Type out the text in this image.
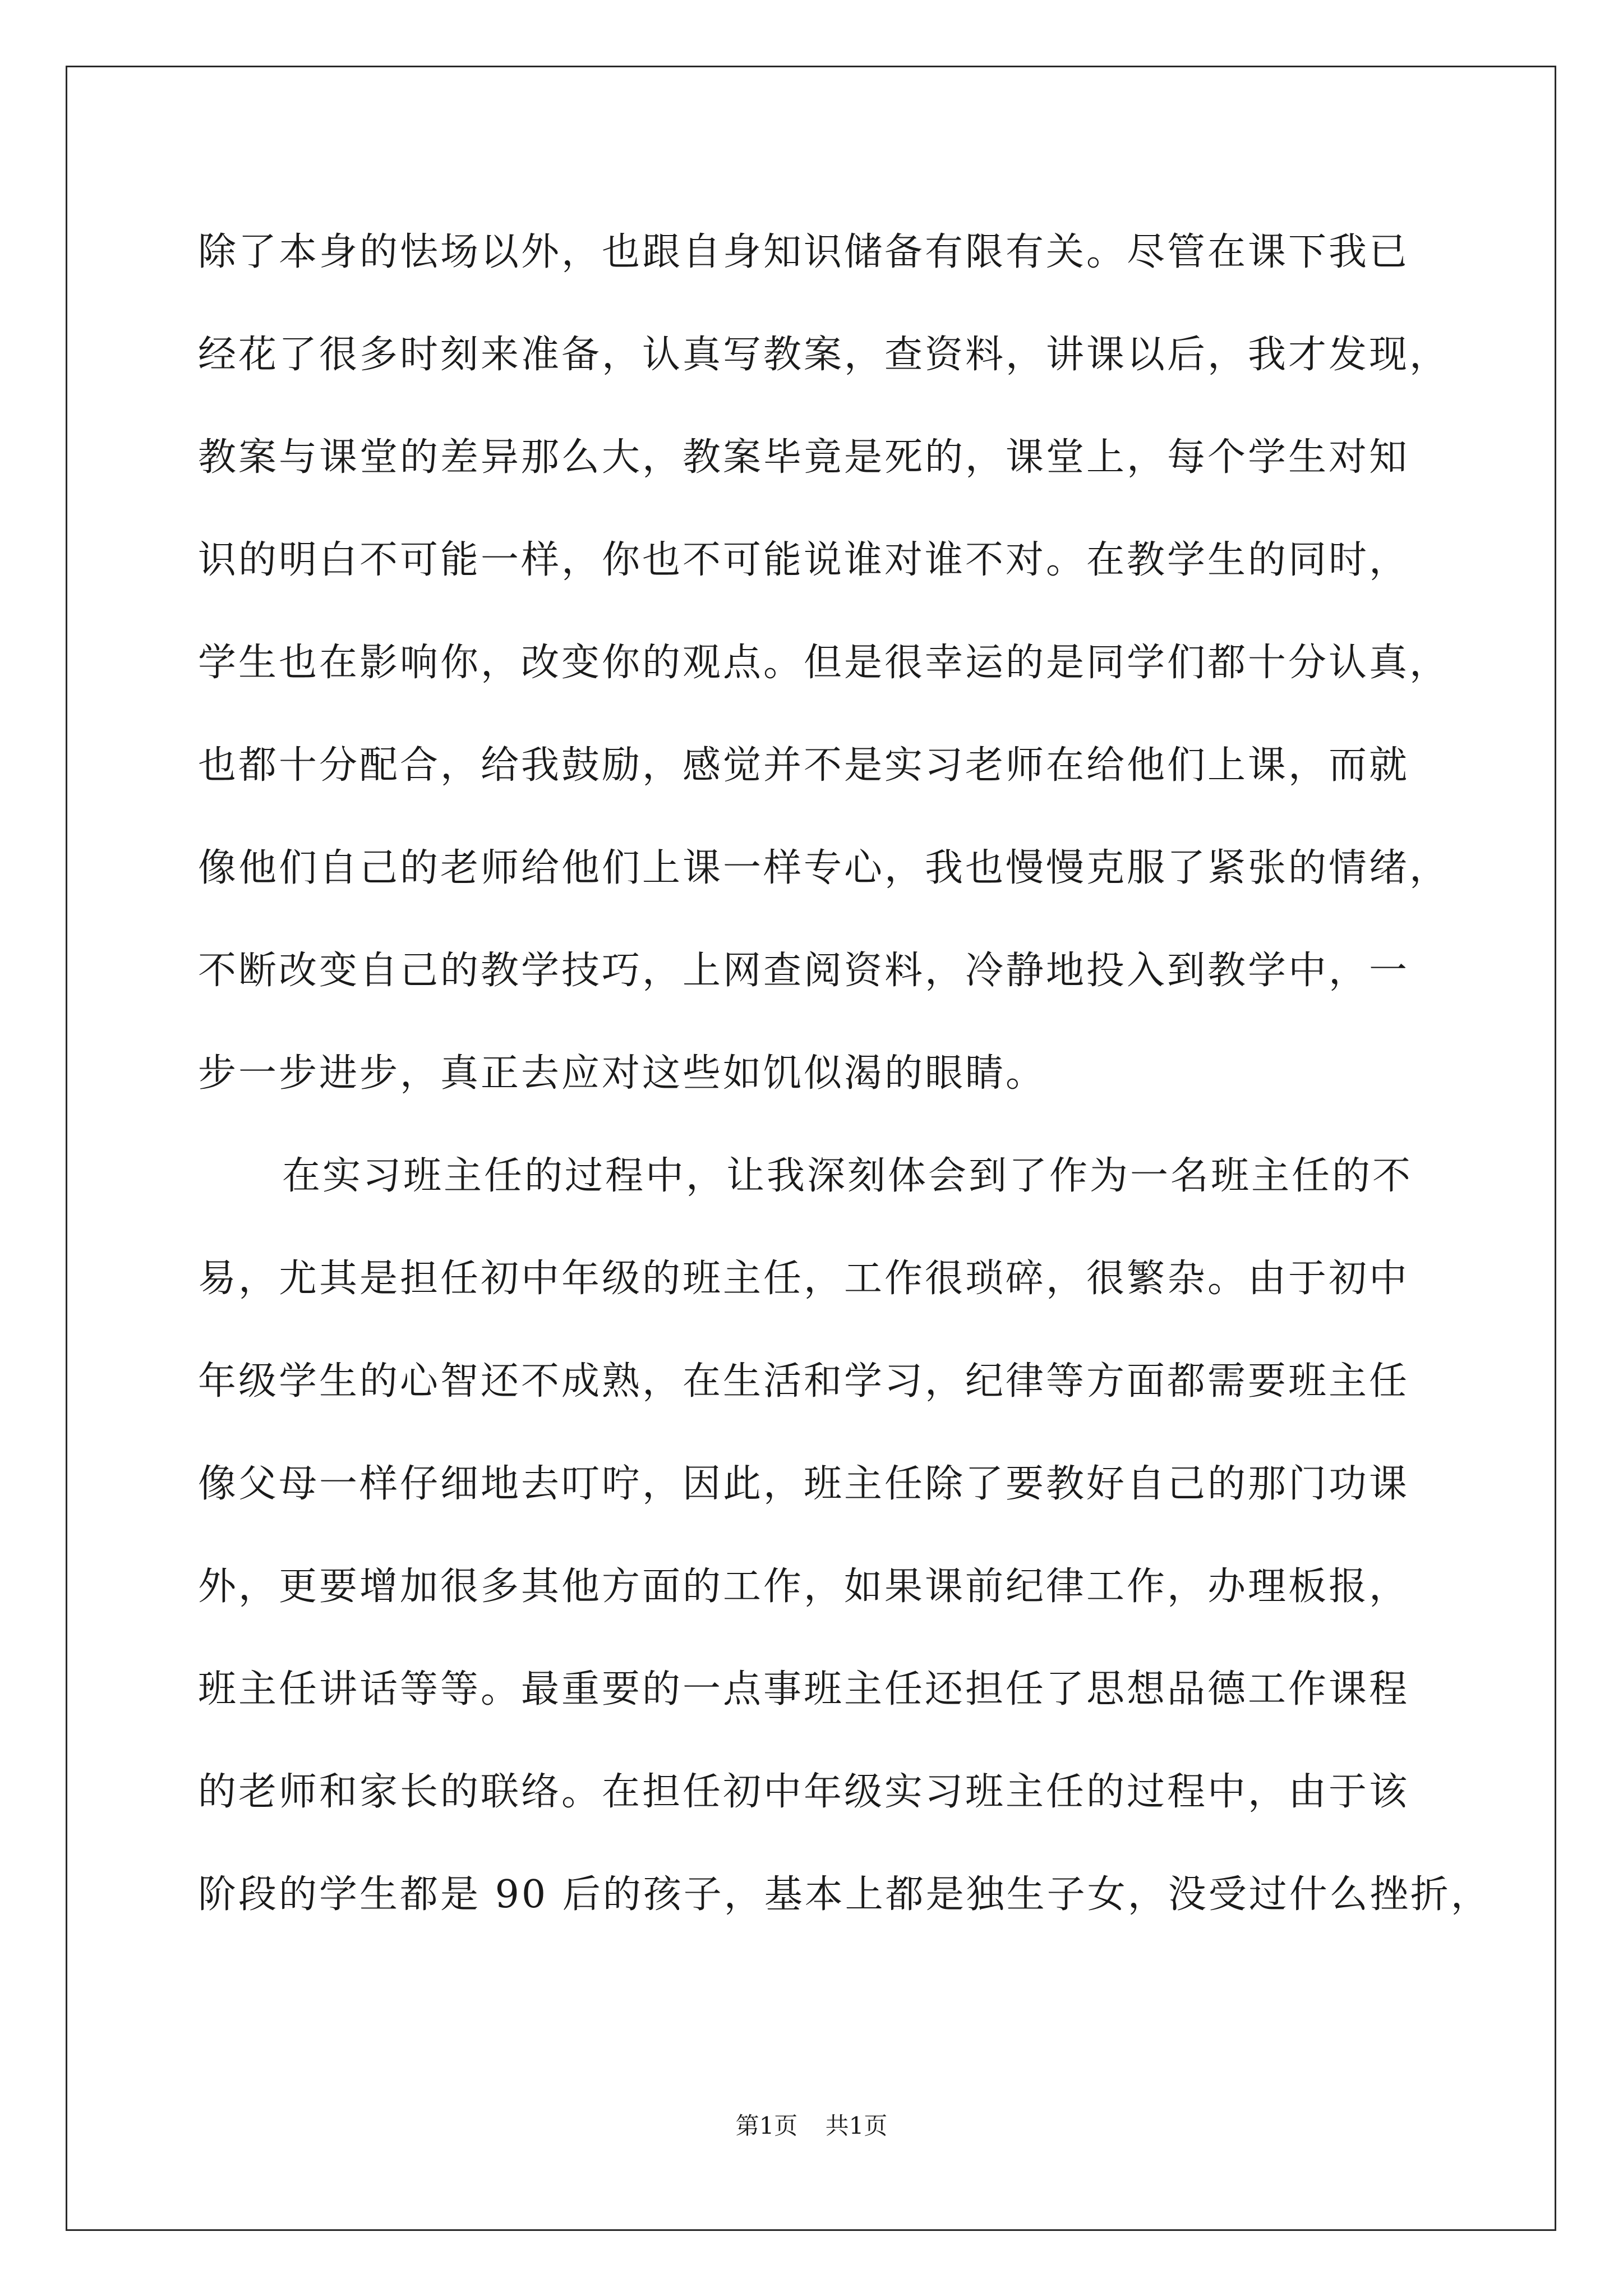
除了本身的怯场以外，也跟自身知识储备有限有关。尽管在课下我已
经花了很多时刻来准备，认真写教案，查资料，讲课以后，我才发现，
教案与课堂的差异那么大，教案毕竟是死的，课堂上，每个学生对知
识的明白不可能一样，你也不可能说谁对谁不对。在教学生的同时，
学生也在影响你，改变你的观点。但是很幸运的是同学们都十分认真，
也都十分配合，给我鼓励，感觉并不是实习老师在给他们上课，而就
像他们自己的老师给他们上课一样专心，我也慢慢克服了紧张的情绪，
不断改变自己的教学技巧，上网查阅资料，冷静地投入到教学中，一
步一步进步，真正去应对这些如饥似渴的眼睛。
在实习班主任的过程中，让我深刻体会到了作为一名班主任的不
易，尤其是担任初中年级的班主任，工作很琐碎，很繁杂。由于初中
年级学生的心智还不成熟，在生活和学习，纪律等方面都需要班主任
像父母一样仔细地去叮咛，因此，班主任除了要教好自己的那门功课
外，更要增加很多其他方面的工作，如果课前纪律工作，办理板报，
班主任讲话等等。最重要的一点事班主任还担任了思想品德工作课程
的老师和家长的联络。在担任初中年级实习班主任的过程中，由于该
阶段的学生都是 90 后的孩子，基本上都是独生子女，没受过什么挫折，
第1页 共1页
